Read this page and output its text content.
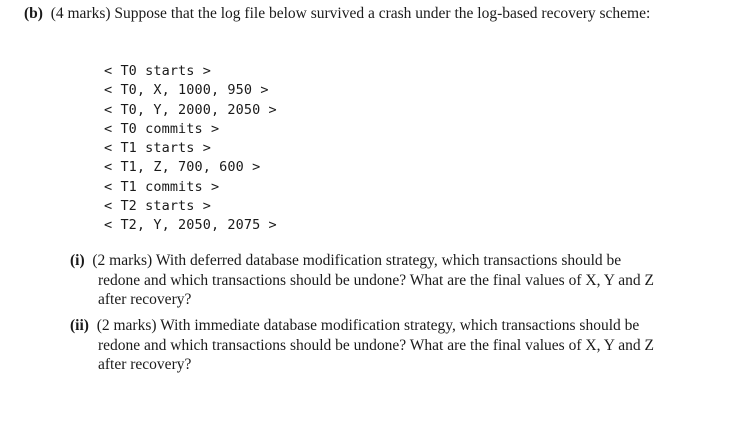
(b) (4 marks) Suppose that the log file below survived a crash under the log-based recovery scheme:

< T0 starts >
< T0, X, 1000, 950 >
< T0, Y, 2000, 2050 >
< T0 commits >
< T1 starts >
< T1, Z, 700, 600 >
< T1 commits >
< T2 starts >
< T2, Y, 2050, 2075 >

(i) (2 marks) With deferred database modification strategy, which transactions should be redone and which transactions should be undone? What are the final values of X, Y and Z after recovery?

(ii) (2 marks) With immediate database modification strategy, which transactions should be redone and which transactions should be undone? What are the final values of X, Y and Z after recovery?
